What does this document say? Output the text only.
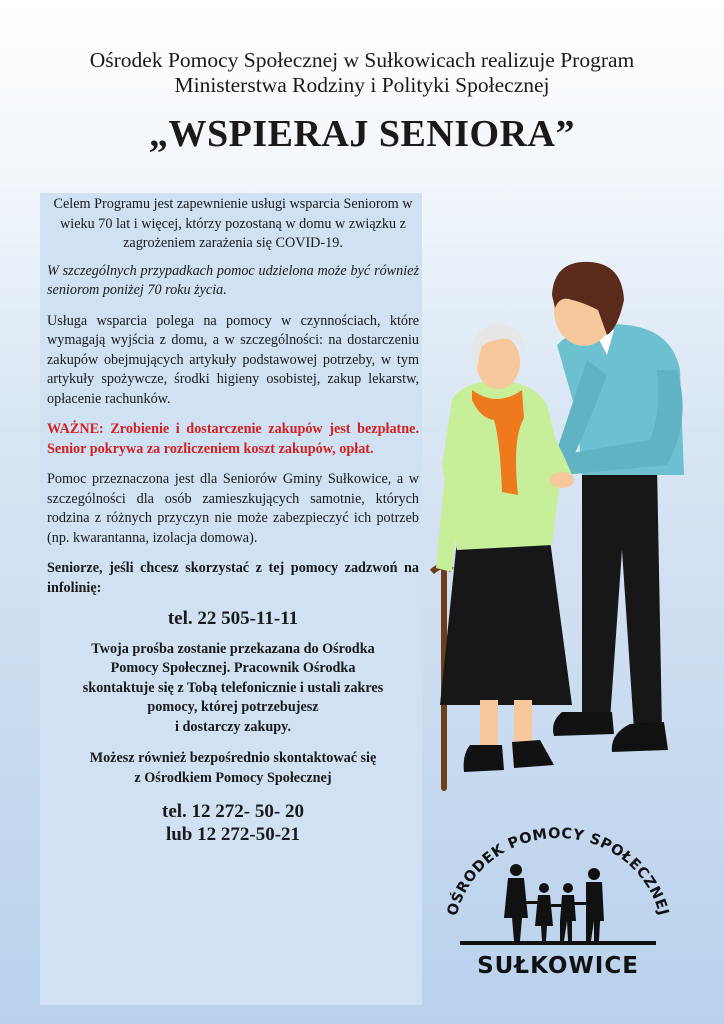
Ośrodek Pomocy Społecznej w Sułkowicach realizuje Program
Ministerstwa Rodziny i Polityki Społecznej
„WSPIERAJ SENIORA”

Celem Programu jest zapewnienie usługi wsparcia Seniorom w wieku 70 lat i więcej, którzy pozostaną w domu w związku z zagrożeniem zarażenia się COVID-19.

W szczególnych przypadkach pomoc udzielona może być również seniorom poniżej 70 roku życia.

Usługa wsparcia polega na pomocy w czynnościach, które wymagają wyjścia z domu, a w szczególności: na dostarczeniu zakupów obejmujących artykuły podstawowej potrzeby, w tym artykuły spożywcze, środki higieny osobistej, zakup lekarstw, opłacenie rachunków.

WAŻNE: Zrobienie i dostarczenie zakupów jest bezpłatne. Senior pokrywa za rozliczeniem koszt zakupów, opłat.

Pomoc przeznaczona jest dla Seniorów Gminy Sułkowice, a w szczególności dla osób zamieszkujących samotnie, których rodzina z różnych przyczyn nie może zabezpieczyć ich potrzeb (np. kwarantanna, izolacja domowa).

Seniorze, jeśli chcesz skorzystać z tej pomocy zadzwoń na infolinię:

tel. 22 505-11-11

Twoja prośba zostanie przekazana do Ośrodka
Pomocy Społecznej. Pracownik Ośrodka
skontaktuje się z Tobą telefonicznie i ustali zakres
pomocy, której potrzebujesz
i dostarczy zakupy.
Możesz również bezpośrednio skontaktować się
z Ośrodkiem Pomocy Społecznej

tel. 12 272- 50- 20

lub 12 272-50-21

OŚRODEK POMOCY SPOŁECZNEJ
SUŁKOWICE
